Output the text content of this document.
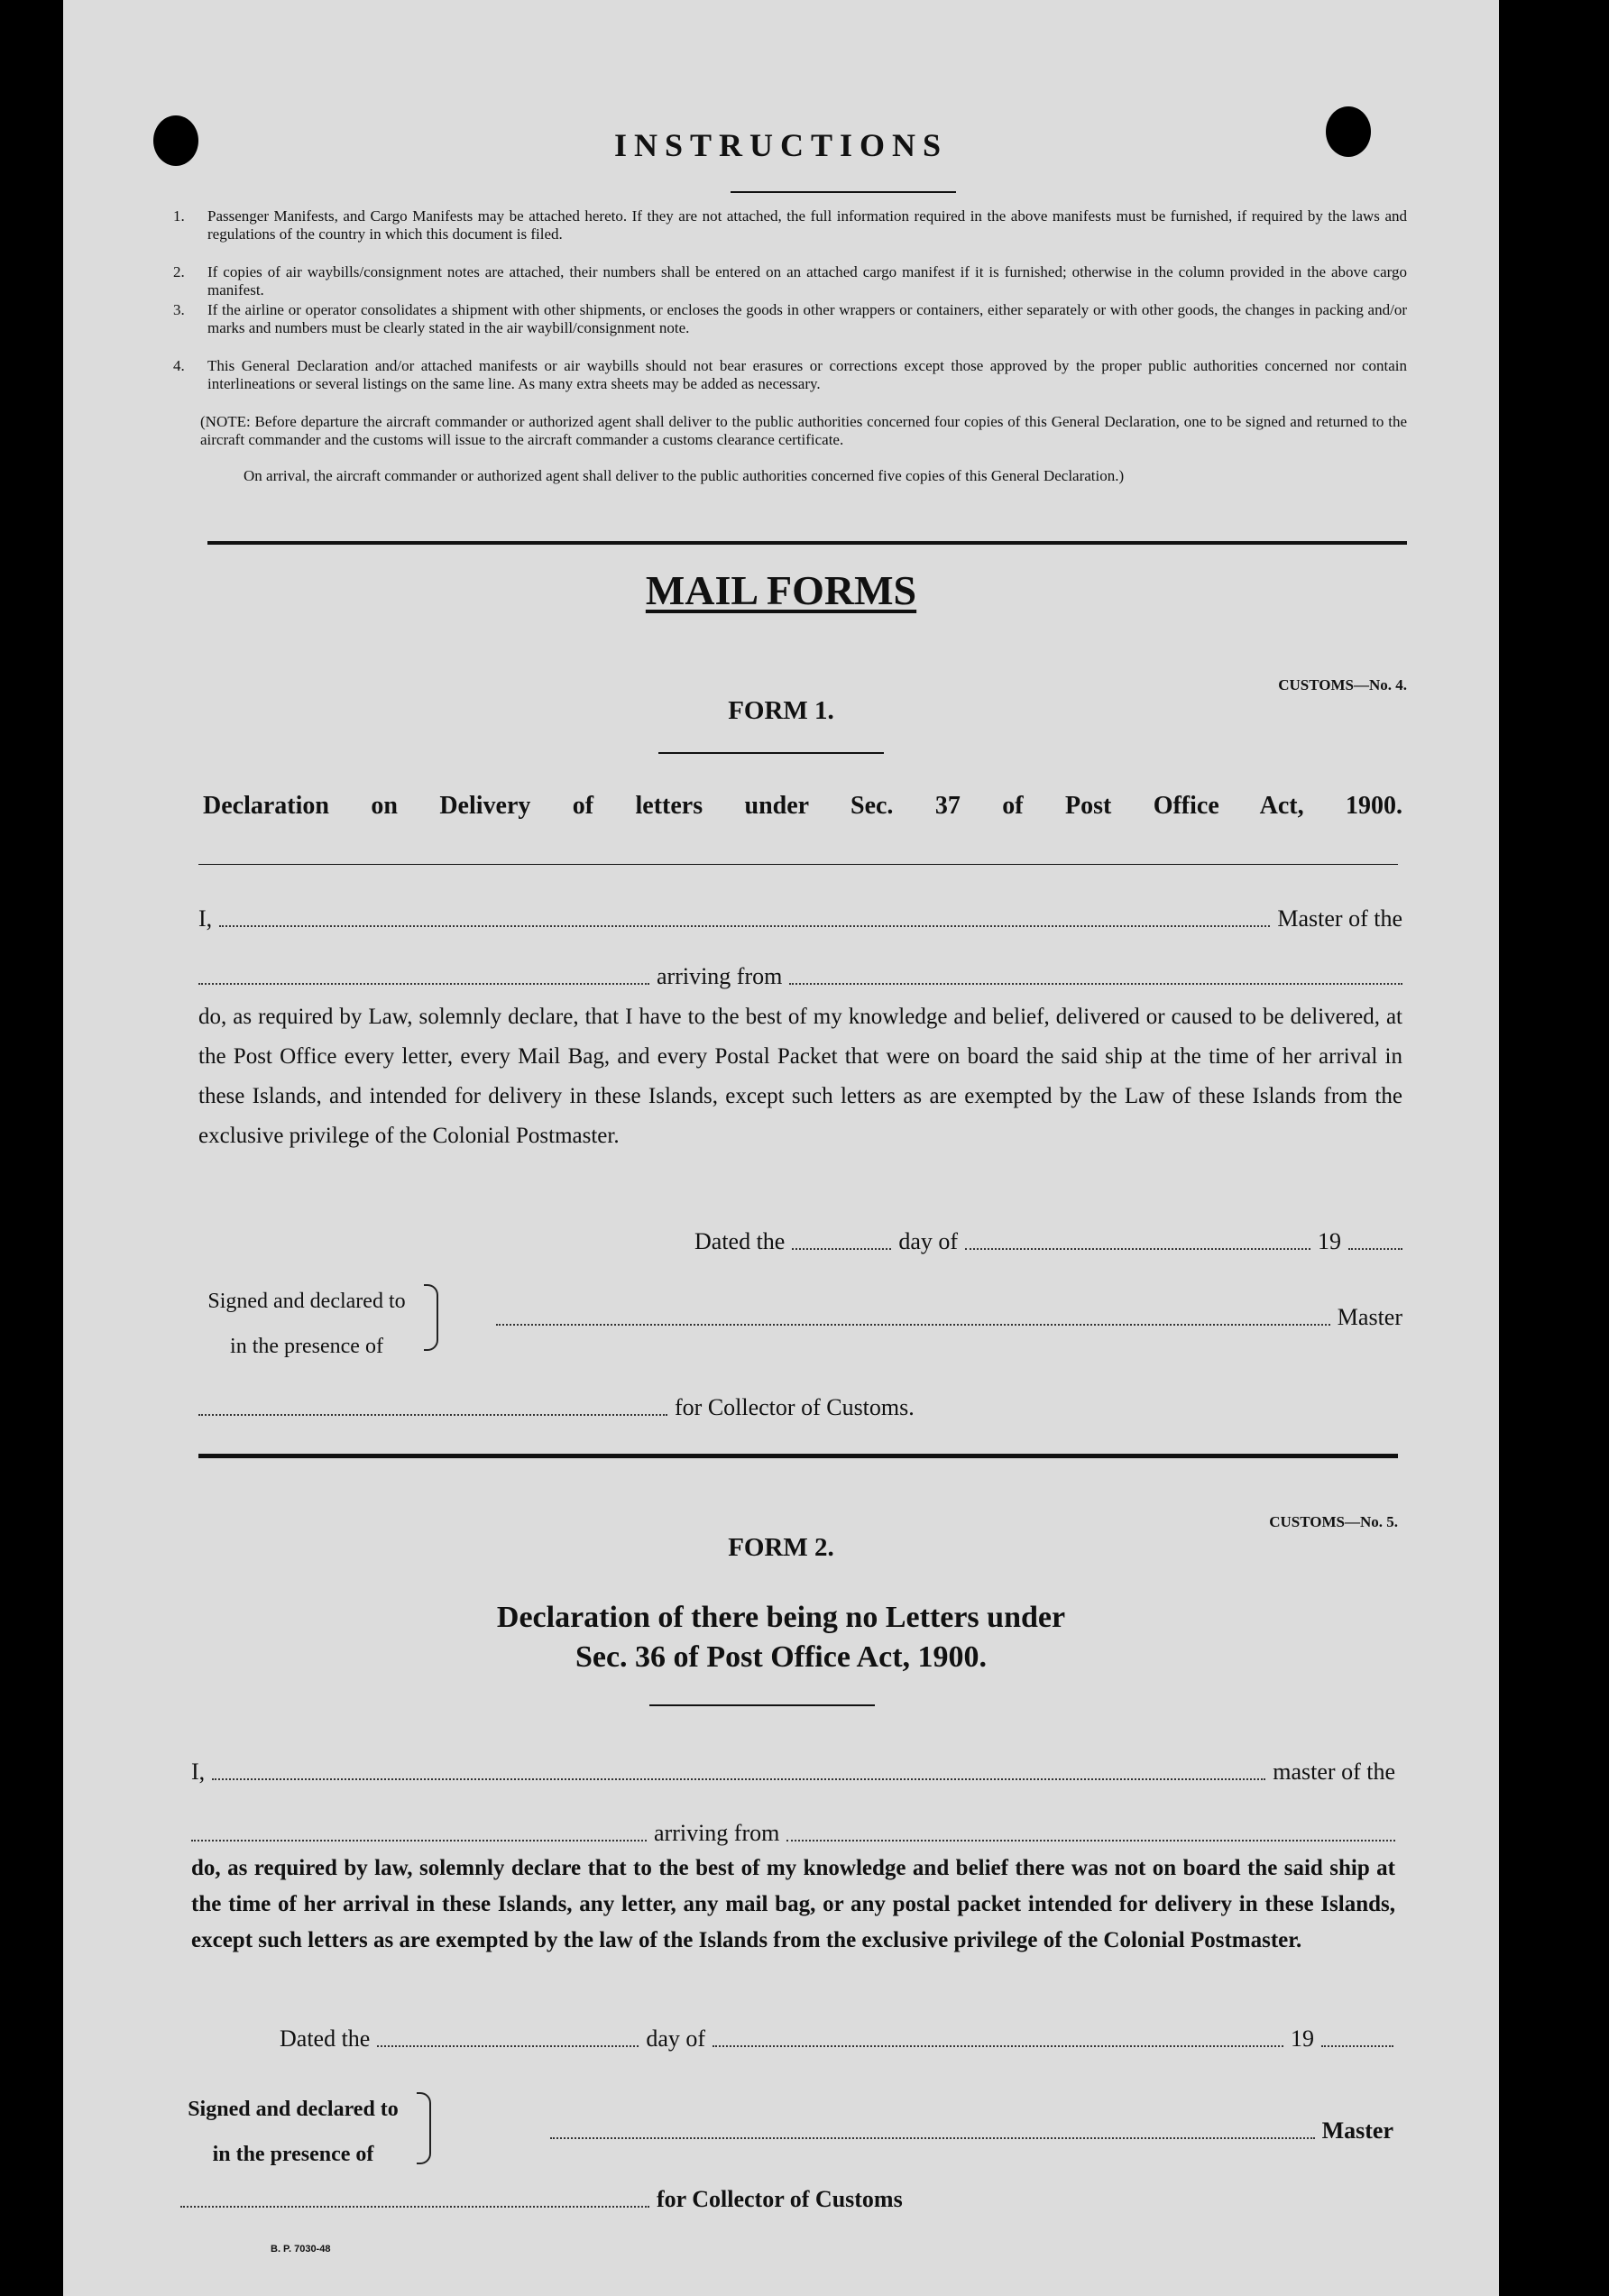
INSTRUCTIONS
1. Passenger Manifests, and Cargo Manifests may be attached hereto. If they are not attached, the full information required in the above manifests must be furnished, if required by the laws and regulations of the country in which this document is filed.
2. If copies of air waybills/consignment notes are attached, their numbers shall be entered on an attached cargo manifest if it is furnished; otherwise in the column provided in the above cargo manifest.
3. If the airline or operator consolidates a shipment with other shipments, or encloses the goods in other wrappers or containers, either separately or with other goods, the changes in packing and/or marks and numbers must be clearly stated in the air waybill/consignment note.
4. This General Declaration and/or attached manifests or air waybills should not bear erasures or corrections except those approved by the proper public authorities concerned nor contain interlineations or several listings on the same line. As many extra sheets may be added as necessary.
(NOTE: Before departure the aircraft commander or authorized agent shall deliver to the public authorities concerned four copies of this General Declaration, one to be signed and returned to the aircraft commander and the customs will issue to the aircraft commander a customs clearance certificate.
On arrival, the aircraft commander or authorized agent shall deliver to the public authorities concerned five copies of this General Declaration.)
MAIL FORMS
CUSTOMS—No. 4.
FORM 1.
Declaration on Delivery of letters under Sec. 37 of Post Office Act, 1900.
I,	Master of the
arriving from
do, as required by Law, solemnly declare, that I have to the best of my knowledge and belief, delivered or caused to be delivered, at the Post Office every letter, every Mail Bag, and every Postal Packet that were on board the said ship at the time of her arrival in these Islands, and intended for delivery in these Islands, except such letters as are exempted by the Law of these Islands from the exclusive privilege of the Colonial Postmaster.
Dated the	day of	19
Signed and declared to
in the presence of
Master
for Collector of Customs.
CUSTOMS—No. 5.
FORM 2.
Declaration of there being no Letters under
Sec. 36 of Post Office Act, 1900.
I,	master of the
arriving from
do, as required by law, solemnly declare that to the best of my knowledge and belief there was not on board the said ship at the time of her arrival in these Islands, any letter, any mail bag, or any postal packet intended for delivery in these Islands, except such letters as are exempted by the law of the Islands from the exclusive privilege of the Colonial Postmaster.
Dated the	day of	19
Signed and declared to
in the presence of
Master
for Collector of Customs
B. P. 7030-48
